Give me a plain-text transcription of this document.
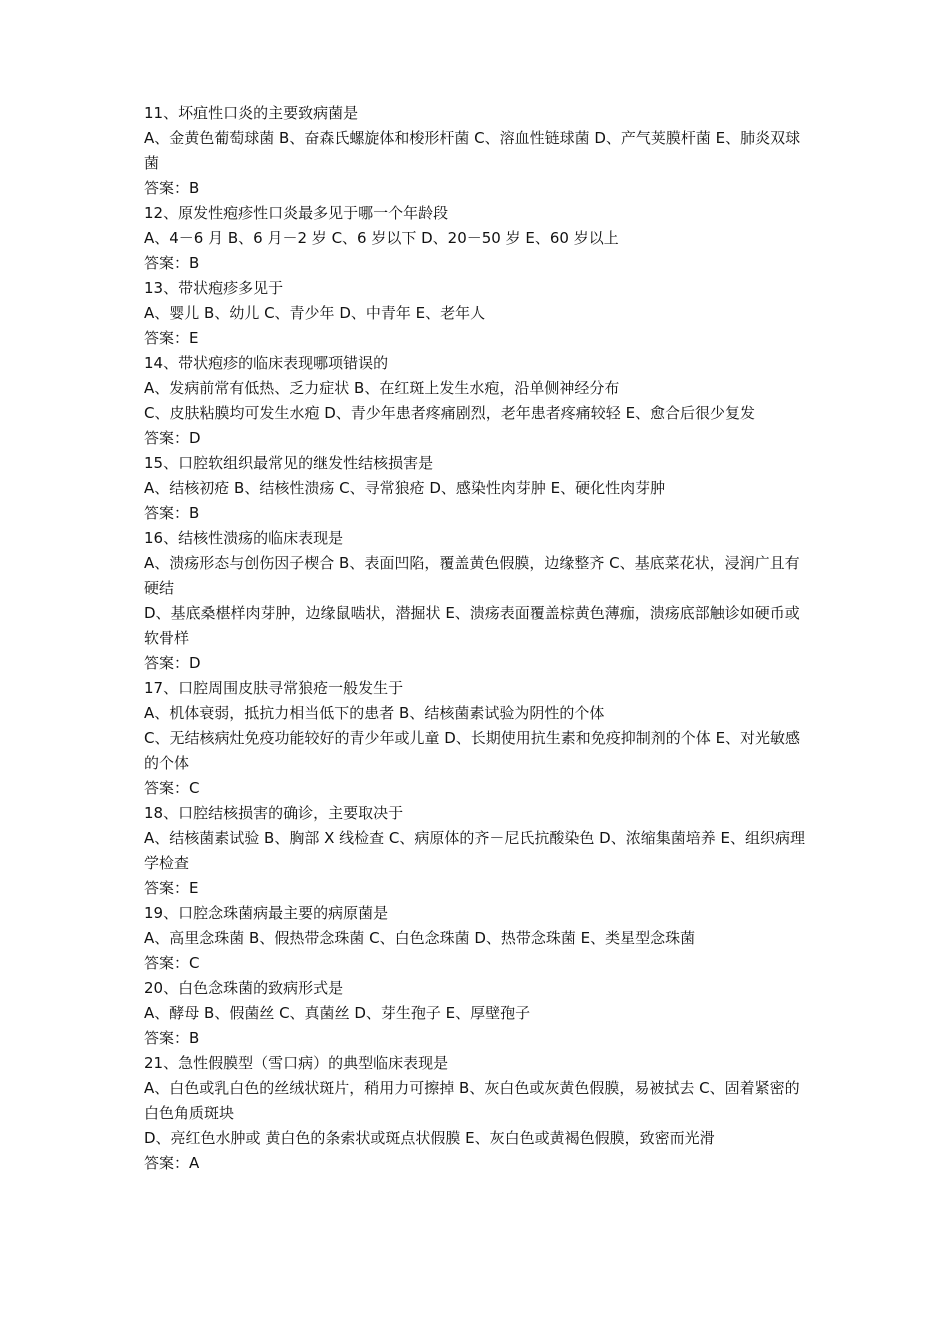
11、坏疽性口炎的主要致病菌是

A、金黄色葡萄球菌 B、奋森氏螺旋体和梭形杆菌 C、溶血性链球菌 D、产气荚膜杆菌 E、肺炎双球菌

答案：B

12、原发性疱疹性口炎最多见于哪一个年龄段

A、4－6 月 B、6 月－2 岁 C、6 岁以下 D、20－50 岁 E、60 岁以上

答案：B

13、带状疱疹多见于

A、婴儿 B、幼儿 C、青少年 D、中青年 E、老年人

答案：E

14、带状疱疹的临床表现哪项错误的

A、发病前常有低热、乏力症状 B、在红斑上发生水疱，沿单侧神经分布

C、皮肤粘膜均可发生水疱 D、青少年患者疼痛剧烈，老年患者疼痛较轻 E、愈合后很少复发

答案：D

15、口腔软组织最常见的继发性结核损害是

A、结核初疮 B、结核性溃疡 C、寻常狼疮 D、感染性肉芽肿 E、硬化性肉芽肿

答案：B

16、结核性溃疡的临床表现是

A、溃疡形态与创伤因子楔合 B、表面凹陷，覆盖黄色假膜，边缘整齐 C、基底菜花状，浸润广且有硬结

D、基底桑椹样肉芽肿，边缘鼠啮状，潜掘状 E、溃疡表面覆盖棕黄色薄痂，溃疡底部触诊如硬币或软骨样

答案：D

17、口腔周围皮肤寻常狼疮一般发生于

A、机体衰弱，抵抗力相当低下的患者 B、结核菌素试验为阴性的个体

C、无结核病灶免疫功能较好的青少年或儿童 D、长期使用抗生素和免疫抑制剂的个体 E、对光敏感的个体

答案：C

18、口腔结核损害的确诊，主要取决于

A、结核菌素试验 B、胸部 X 线检查 C、病原体的齐－尼氏抗酸染色 D、浓缩集菌培养 E、组织病理学检查

答案：E

19、口腔念珠菌病最主要的病原菌是

A、高里念珠菌 B、假热带念珠菌 C、白色念珠菌 D、热带念珠菌 E、类星型念珠菌

答案：C

20、白色念珠菌的致病形式是

A、酵母 B、假菌丝 C、真菌丝 D、芽生孢子 E、厚壁孢子

答案：B

21、急性假膜型（雪口病）的典型临床表现是

A、白色或乳白色的丝绒状斑片，稍用力可擦掉 B、灰白色或灰黄色假膜，易被拭去 C、固着紧密的白色角质斑块

D、亮红色水肿或 黄白色的条索状或斑点状假膜 E、灰白色或黄褐色假膜，致密而光滑

答案：A
